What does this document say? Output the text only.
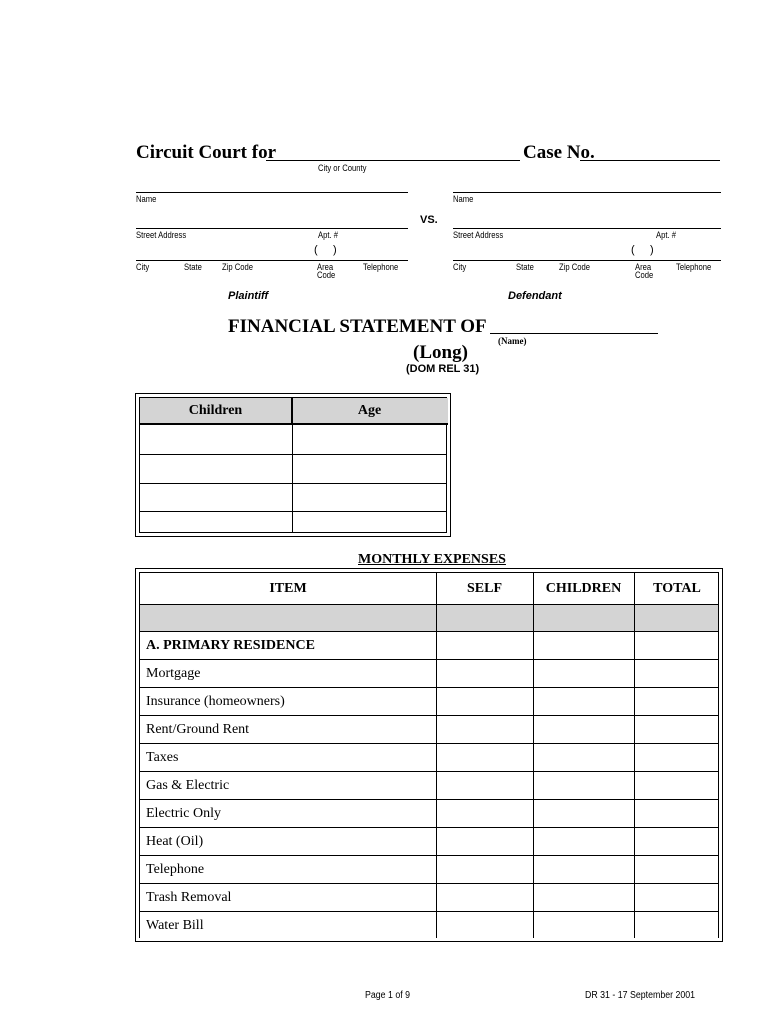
Circuit Court for	Case No.
City or County
Name
Street Address	Apt. #
(     )
City	State Zip Code	Area
Code
Telephone
Plaintiff
VS.
Name
Street Address	Apt. #
(     )
City	State	Zip Code	Area
Code
Telephone
Defendant
FINANCIAL STATEMENT OF
(Name)
(Long)
(DOM REL 31)
Children	Age
MONTHLY EXPENSES
ITEM	SELF	CHILDREN	TOTAL
A. PRIMARY RESIDENCE
Mortgage
Insurance (homeowners)
Rent/Ground Rent
Taxes
Gas & Electric
Electric Only
Heat (Oil)
Telephone
Trash Removal
Water Bill
Page 1 of 9	DR 31 - 17 September 2001
